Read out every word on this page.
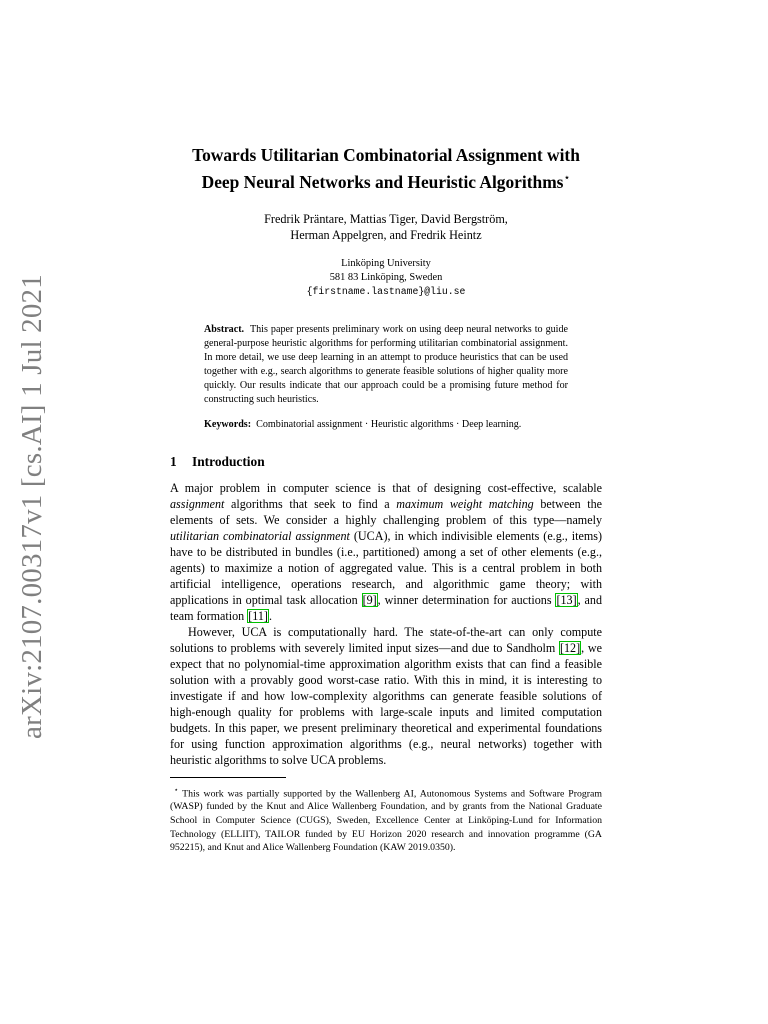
arXiv:2107.00317v1 [cs.AI] 1 Jul 2021
Towards Utilitarian Combinatorial Assignment with
Deep Neural Networks and Heuristic Algorithms⋆
Fredrik Präntare, Mattias Tiger, David Bergström,
Herman Appelgren, and Fredrik Heintz
Linköping University
581 83 Linköping, Sweden
{firstname.lastname}@liu.se
Abstract. This paper presents preliminary work on using deep neural networks to guide general-purpose heuristic algorithms for performing utilitarian combinatorial assignment. In more detail, we use deep learning in an attempt to produce heuristics that can be used together with e.g., search algorithms to generate feasible solutions of higher quality more quickly. Our results indicate that our approach could be a promising future method for constructing such heuristics.
Keywords: Combinatorial assignment · Heuristic algorithms · Deep learning.
1 Introduction

A major problem in computer science is that of designing cost-effective, scalable assignment algorithms that seek to find a maximum weight matching between the elements of sets. We consider a highly challenging problem of this type—namely utilitarian combinatorial assignment (UCA), in which indivisible elements (e.g., items) have to be distributed in bundles (i.e., partitioned) among a set of other elements (e.g., agents) to maximize a notion of aggregated value. This is a central problem in both artificial intelligence, operations research, and algorithmic game theory; with applications in optimal task allocation [9], winner determination for auctions [13], and team formation [11].

However, UCA is computationally hard. The state-of-the-art can only compute solutions to problems with severely limited input sizes—and due to Sandholm [12], we expect that no polynomial-time approximation algorithm exists that can find a feasible solution with a provably good worst-case ratio. With this in mind, it is interesting to investigate if and how low-complexity algorithms can generate feasible solutions of high-enough quality for problems with large-scale inputs and limited computation budgets. In this paper, we present preliminary theoretical and experimental foundations for using function approximation algorithms (e.g., neural networks) together with heuristic algorithms to solve UCA problems.

⋆ This work was partially supported by the Wallenberg AI, Autonomous Systems and Software Program (WASP) funded by the Knut and Alice Wallenberg Foundation, and by grants from the National Graduate School in Computer Science (CUGS), Sweden, Excellence Center at Linköping-Lund for Information Technology (ELLIIT), TAILOR funded by EU Horizon 2020 research and innovation programme (GA 952215), and Knut and Alice Wallenberg Foundation (KAW 2019.0350).
